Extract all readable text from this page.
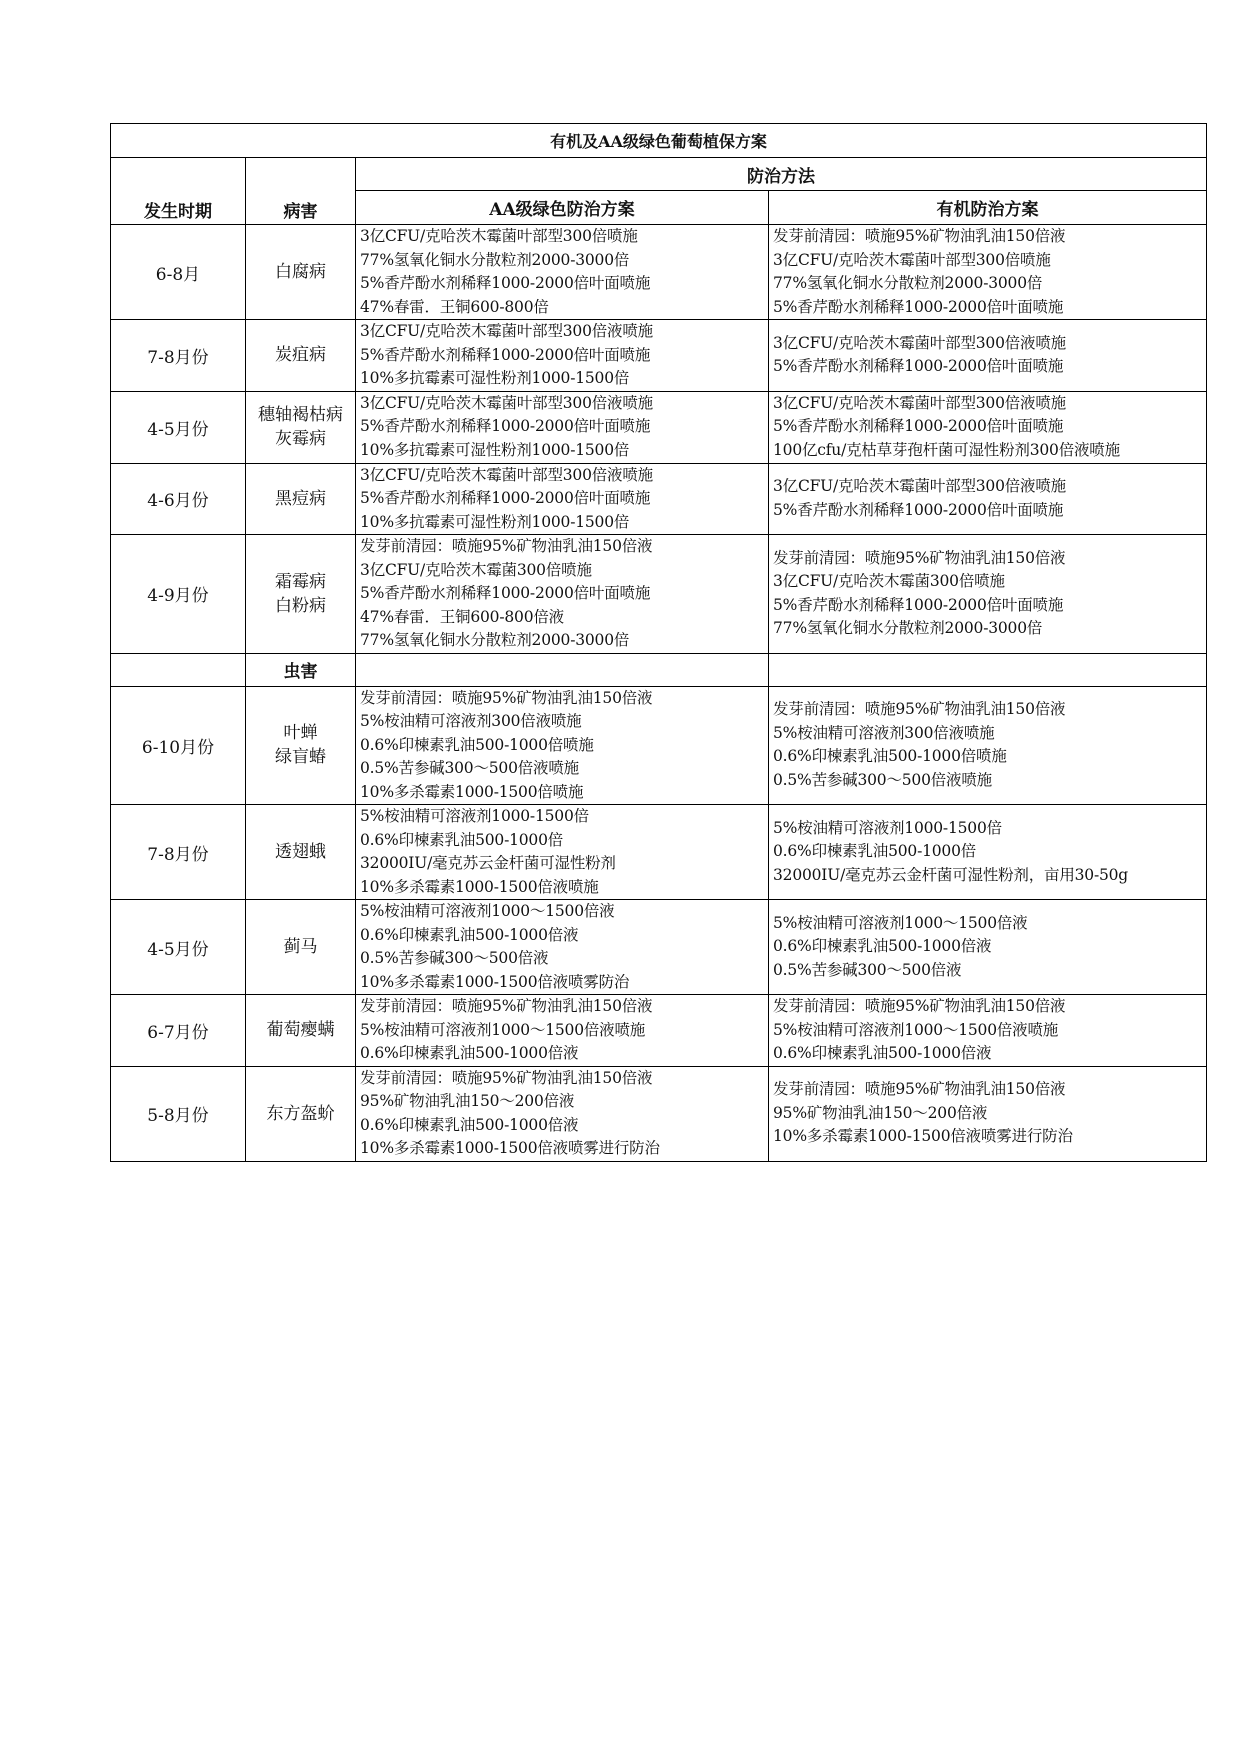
有机及AA级绿色葡萄植保方案			
发生时期	病害	防治方法	
		AA级绿色防治方案	有机防治方案
6-8月	白腐病	3亿CFU/克哈茨木霉菌叶部型300倍喷施
77%氢氧化铜水分散粒剂2000-3000倍
5%香芹酚水剂稀释1000-2000倍叶面喷施
47%春雷．王铜600-800倍	发芽前清园：喷施95%矿物油乳油150倍液
3亿CFU/克哈茨木霉菌叶部型300倍喷施
77%氢氧化铜水分散粒剂2000-3000倍
5%香芹酚水剂稀释1000-2000倍叶面喷施

7-8月份	炭疽病	3亿CFU/克哈茨木霉菌叶部型300倍液喷施
5%香芹酚水剂稀释1000-2000倍叶面喷施
10%多抗霉素可湿性粉剂1000-1500倍	3亿CFU/克哈茨木霉菌叶部型300倍液喷施
5%香芹酚水剂稀释1000-2000倍叶面喷施

4-5月份	穗轴褐枯病
灰霉病	3亿CFU/克哈茨木霉菌叶部型300倍液喷施
5%香芹酚水剂稀释1000-2000倍叶面喷施
10%多抗霉素可湿性粉剂1000-1500倍	3亿CFU/克哈茨木霉菌叶部型300倍液喷施
5%香芹酚水剂稀释1000-2000倍叶面喷施
100亿cfu/克枯草芽孢杆菌可湿性粉剂300倍液喷施

4-6月份	黑痘病	3亿CFU/克哈茨木霉菌叶部型300倍液喷施
5%香芹酚水剂稀释1000-2000倍叶面喷施
10%多抗霉素可湿性粉剂1000-1500倍	3亿CFU/克哈茨木霉菌叶部型300倍液喷施
5%香芹酚水剂稀释1000-2000倍叶面喷施

4-9月份	霜霉病
白粉病	发芽前清园：喷施95%矿物油乳油150倍液
3亿CFU/克哈茨木霉菌300倍喷施
5%香芹酚水剂稀释1000-2000倍叶面喷施
47%春雷．王铜600-800倍液
77%氢氧化铜水分散粒剂2000-3000倍	发芽前清园：喷施95%矿物油乳油150倍液
3亿CFU/克哈茨木霉菌300倍喷施
5%香芹酚水剂稀释1000-2000倍叶面喷施
77%氢氧化铜水分散粒剂2000-3000倍

	虫害		
6-10月份	叶蝉
绿盲蝽	发芽前清园：喷施95%矿物油乳油150倍液
5%桉油精可溶液剂300倍液喷施
0.6%印楝素乳油500-1000倍喷施
0.5%苦参碱300～500倍液喷施
10%多杀霉素1000-1500倍喷施	发芽前清园：喷施95%矿物油乳油150倍液
5%桉油精可溶液剂300倍液喷施
0.6%印楝素乳油500-1000倍喷施
0.5%苦参碱300～500倍液喷施

7-8月份	透翅蛾	5%桉油精可溶液剂1000-1500倍
0.6%印楝素乳油500-1000倍
32000IU/毫克苏云金杆菌可湿性粉剂
10%多杀霉素1000-1500倍液喷施	5%桉油精可溶液剂1000-1500倍
0.6%印楝素乳油500-1000倍
32000IU/毫克苏云金杆菌可湿性粉剂，亩用30-50g

4-5月份	蓟马	5%桉油精可溶液剂1000～1500倍液
0.6%印楝素乳油500-1000倍液
0.5%苦参碱300～500倍液
10%多杀霉素1000-1500倍液喷雾防治	5%桉油精可溶液剂1000～1500倍液
0.6%印楝素乳油500-1000倍液
0.5%苦参碱300～500倍液

6-7月份	葡萄瘿螨	发芽前清园：喷施95%矿物油乳油150倍液
5%桉油精可溶液剂1000～1500倍液喷施
0.6%印楝素乳油500-1000倍液	发芽前清园：喷施95%矿物油乳油150倍液
5%桉油精可溶液剂1000～1500倍液喷施
0.6%印楝素乳油500-1000倍液

5-8月份	东方盔蚧	发芽前清园：喷施95%矿物油乳油150倍液
95%矿物油乳油150～200倍液
0.6%印楝素乳油500-1000倍液
10%多杀霉素1000-1500倍液喷雾进行防治	发芽前清园：喷施95%矿物油乳油150倍液
95%矿物油乳油150～200倍液
10%多杀霉素1000-1500倍液喷雾进行防治
